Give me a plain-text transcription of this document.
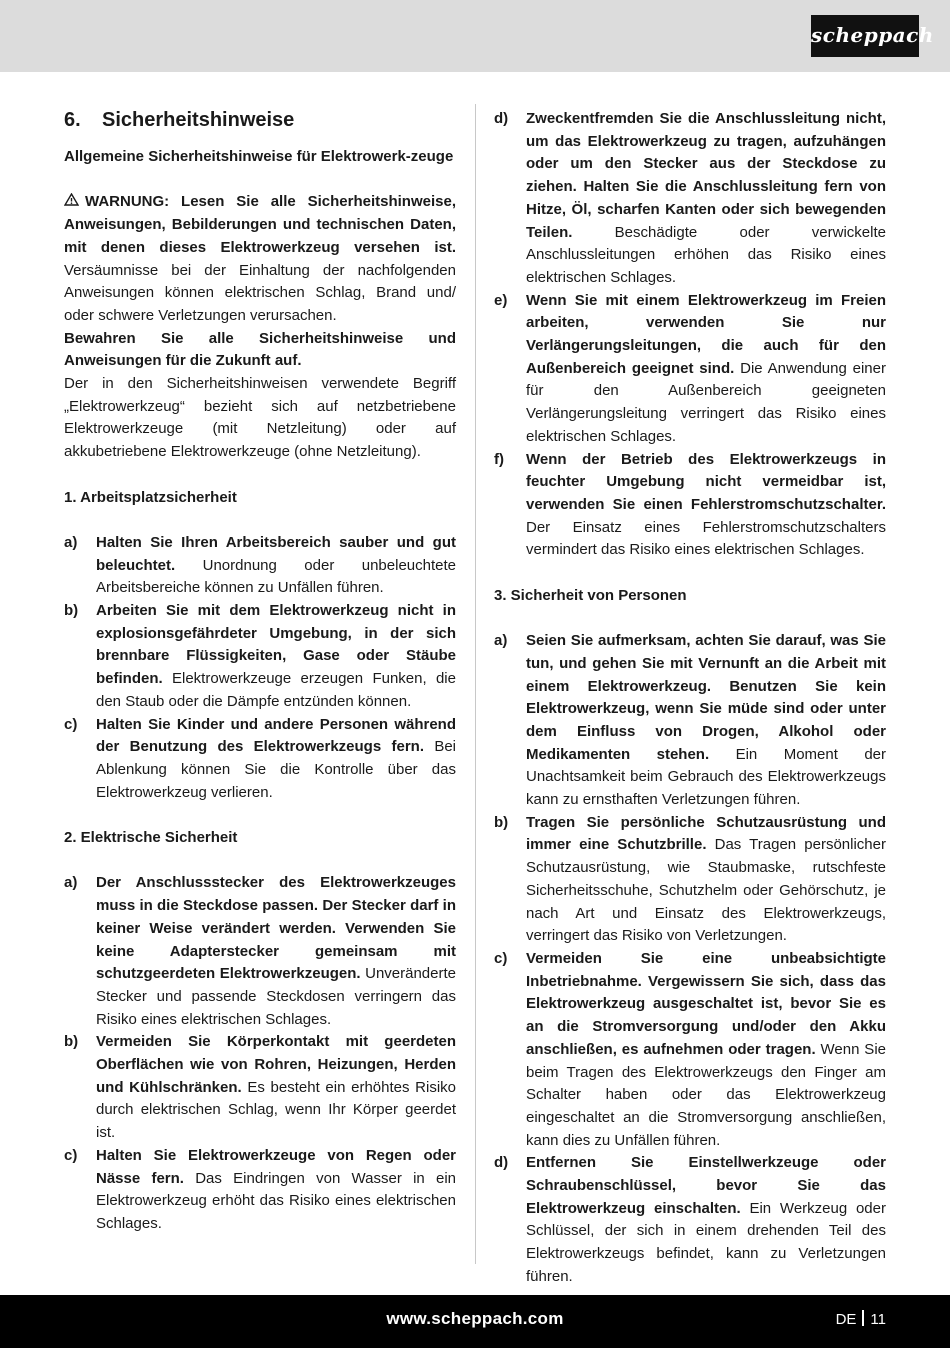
scheppach
6. Sicherheitshinweise

Allgemeine Sicherheitshinweise für Elektrowerk-zeuge

WARNUNG: Lesen Sie alle Sicherheitshinweise, Anweisungen, Bebilderungen und technischen Daten, mit denen dieses Elektrowerkzeug versehen ist. Versäumnisse bei der Einhaltung der nachfolgenden Anweisungen können elektrischen Schlag, Brand und/ oder schwere Verletzungen verursachen.

Bewahren Sie alle Sicherheitshinweise und Anweisungen für die Zukunft auf.

Der in den Sicherheitshinweisen verwendete Begriff „Elektrowerkzeug“ bezieht sich auf netzbetriebene Elektrowerkzeuge (mit Netzleitung) oder auf akkubetriebene Elektrowerkzeuge (ohne Netzleitung).

1. Arbeitsplatzsicherheit

a)	Halten Sie Ihren Arbeitsbereich sauber und gut beleuchtet. Unordnung oder unbeleuchtete Arbeitsbereiche können zu Unfällen führen.
b)	Arbeiten Sie mit dem Elektrowerkzeug nicht in explosionsgefährdeter Umgebung, in der sich brennbare Flüssigkeiten, Gase oder Stäube befinden. Elektrowerkzeuge erzeugen Funken, die den Staub oder die Dämpfe entzünden können.
c)	Halten Sie Kinder und andere Personen während der Benutzung des Elektrowerkzeugs fern. Bei Ablenkung können Sie die Kontrolle über das Elektrowerkzeug verlieren.

2. Elektrische Sicherheit

a)	Der Anschlussstecker des Elektrowerkzeuges muss in die Steckdose passen. Der Stecker darf in keiner Weise verändert werden. Verwenden Sie keine Adapterstecker gemeinsam mit schutzgeerdeten Elektrowerkzeugen. Unveränderte Stecker und passende Steckdosen verringern das Risiko eines elektrischen Schlages.
b)	Vermeiden Sie Körperkontakt mit geerdeten Oberflächen wie von Rohren, Heizungen, Herden und Kühlschränken. Es besteht ein erhöhtes Risiko durch elektrischen Schlag, wenn Ihr Körper geerdet ist.
c)	Halten Sie Elektrowerkzeuge von Regen oder Nässe fern. Das Eindringen von Wasser in ein Elektrowerkzeug erhöht das Risiko eines elektrischen Schlages.
d)	Zweckentfremden Sie die Anschlussleitung nicht, um das Elektrowerkzeug zu tragen, aufzuhängen oder um den Stecker aus der Steckdose zu ziehen. Halten Sie die Anschlussleitung fern von Hitze, Öl, scharfen Kanten oder sich bewegenden Teilen. Beschädigte oder verwickelte Anschlussleitungen erhöhen das Risiko eines elektrischen Schlages.
e)	Wenn Sie mit einem Elektrowerkzeug im Freien arbeiten, verwenden Sie nur Verlängerungsleitungen, die auch für den Außenbereich geeignet sind. Die Anwendung einer für den Außenbereich geeigneten Verlängerungsleitung verringert das Risiko eines elektrischen Schlages.
f)	Wenn der Betrieb des Elektrowerkzeugs in feuchter Umgebung nicht vermeidbar ist, verwenden Sie einen Fehlerstromschutzschalter. Der Einsatz eines Fehlerstromschutzschalters vermindert das Risiko eines elektrischen Schlages.

3. Sicherheit von Personen

a)	Seien Sie aufmerksam, achten Sie darauf, was Sie tun, und gehen Sie mit Vernunft an die Arbeit mit einem Elektrowerkzeug. Benutzen Sie kein Elektrowerkzeug, wenn Sie müde sind oder unter dem Einfluss von Drogen, Alkohol oder Medikamenten stehen. Ein Moment der Unachtsamkeit beim Gebrauch des Elektrowerkzeugs kann zu ernsthaften Verletzungen führen.
b)	Tragen Sie persönliche Schutzausrüstung und immer eine Schutzbrille. Das Tragen persönlicher Schutzausrüstung, wie Staubmaske, rutschfeste Sicherheitsschuhe, Schutzhelm oder Gehörschutz, je nach Art und Einsatz des Elektrowerkzeugs, verringert das Risiko von Verletzungen.
c)	Vermeiden Sie eine unbeabsichtigte Inbetriebnahme. Vergewissern Sie sich, dass das Elektrowerkzeug ausgeschaltet ist, bevor Sie es an die Stromversorgung und/oder den Akku anschließen, es aufnehmen oder tragen. Wenn Sie beim Tragen des Elektrowerkzeugs den Finger am Schalter haben oder das Elektrowerkzeug eingeschaltet an die Stromversorgung anschließen, kann dies zu Unfällen führen.
d)	Entfernen Sie Einstellwerkzeuge oder Schraubenschlüssel, bevor Sie das Elektrowerkzeug einschalten. Ein Werkzeug oder Schlüssel, der sich in einem drehenden Teil des Elektrowerkzeugs befindet, kann zu Verletzungen führen.
www.scheppach.com	DE 11
